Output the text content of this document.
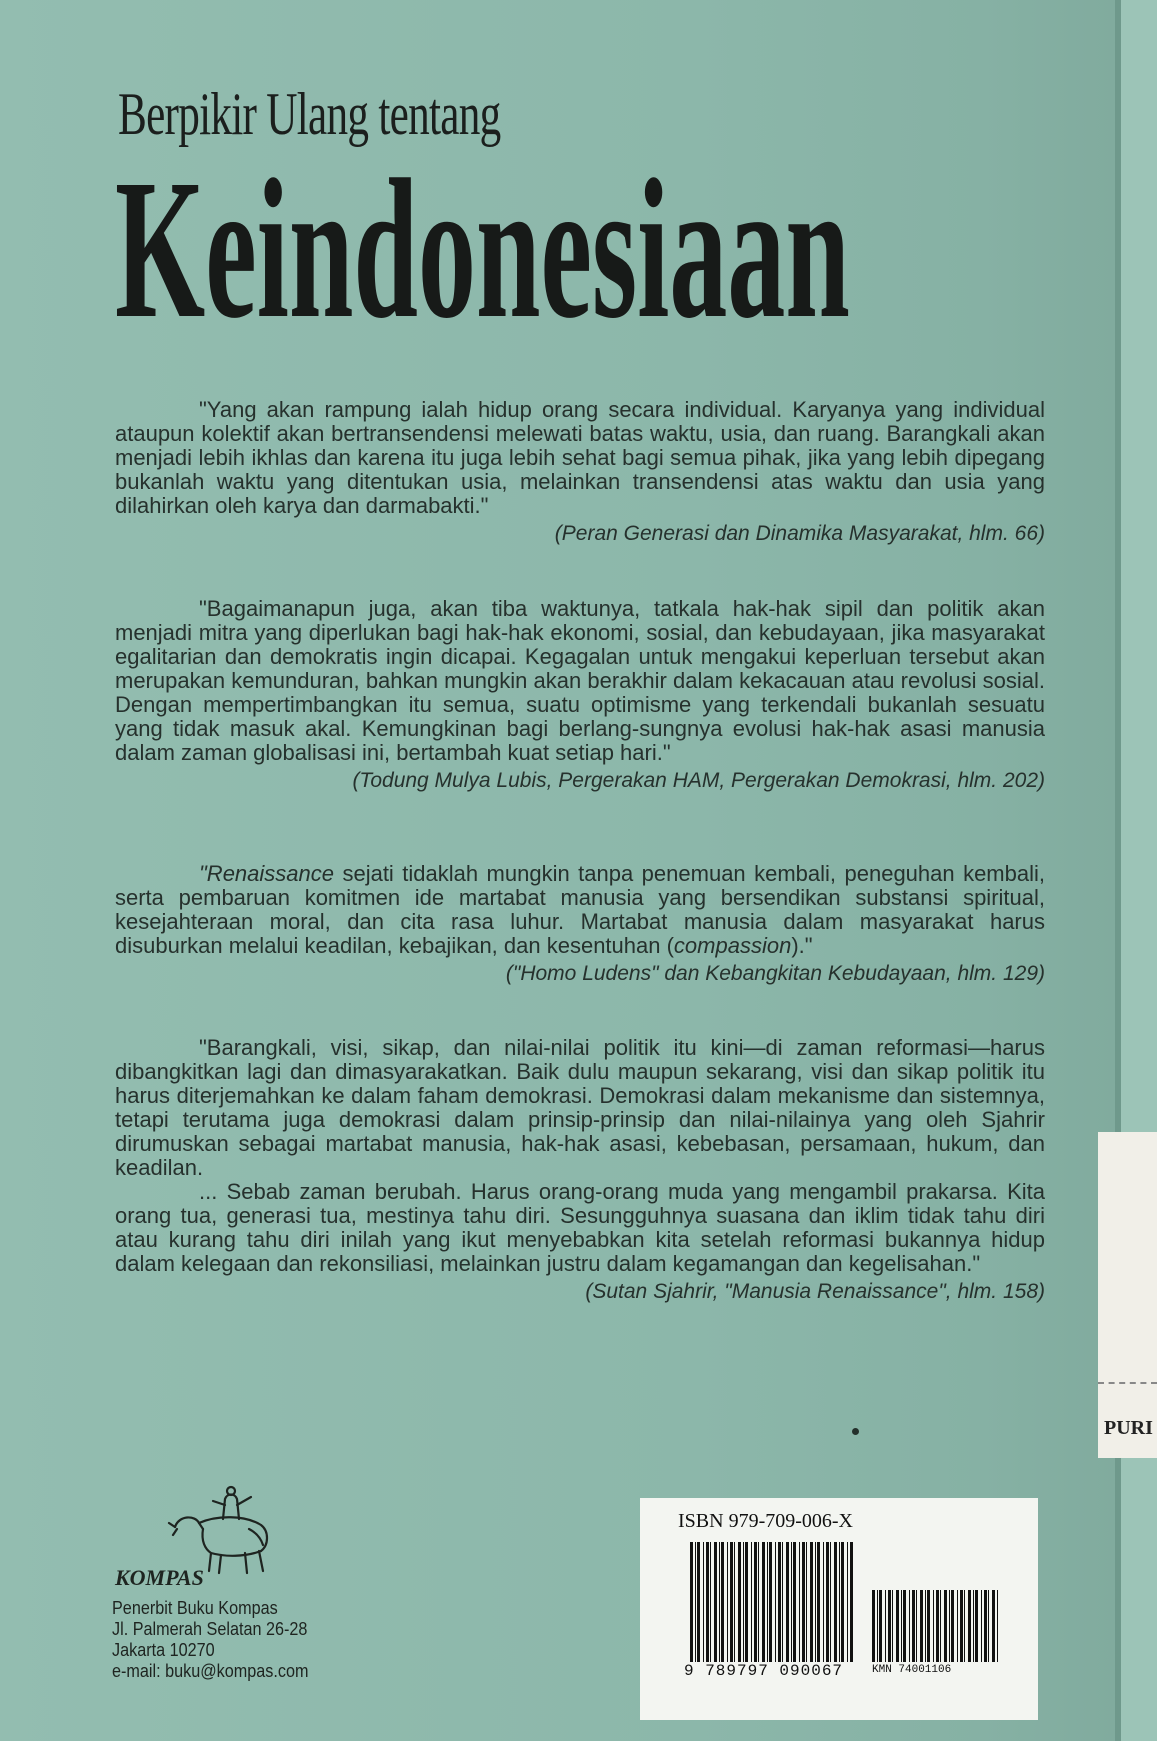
Berpikir Ulang tentang
Keindonesiaan

"Yang akan rampung ialah hidup orang secara individual. Karyanya yang individual ataupun kolektif akan bertransendensi melewati batas waktu, usia, dan ruang. Barangkali akan menjadi lebih ikhlas dan karena itu juga lebih sehat bagi semua pihak, jika yang lebih dipegang bukanlah waktu yang ditentukan usia, melainkan transendensi atas waktu dan usia yang dilahirkan oleh karya dan darmabakti."

(Peran Generasi dan Dinamika Masyarakat, hlm. 66)

"Bagaimanapun juga, akan tiba waktunya, tatkala hak-hak sipil dan politik akan menjadi mitra yang diperlukan bagi hak-hak ekonomi, sosial, dan kebudayaan, jika masyarakat egalitarian dan demokratis ingin dicapai. Kegagalan untuk mengakui keperluan tersebut akan merupakan kemunduran, bahkan mungkin akan berakhir dalam kekacauan atau revolusi sosial. Dengan mempertimbangkan itu semua, suatu optimisme yang terkendali bukanlah sesuatu yang tidak masuk akal. Kemungkinan bagi berlang-sungnya evolusi hak-hak asasi manusia dalam zaman globalisasi ini, bertambah kuat setiap hari."

(Todung Mulya Lubis, Pergerakan HAM, Pergerakan Demokrasi, hlm. 202)

"Renaissance sejati tidaklah mungkin tanpa penemuan kembali, peneguhan kembali, serta pembaruan komitmen ide martabat manusia yang bersendikan substansi spiritual, kesejahteraan moral, dan cita rasa luhur. Martabat manusia dalam masyarakat harus disuburkan melalui keadilan, kebajikan, dan kesentuhan (compassion)."

("Homo Ludens" dan Kebangkitan Kebudayaan, hlm. 129)

"Barangkali, visi, sikap, dan nilai-nilai politik itu kini—di zaman reformasi—harus dibangkitkan lagi dan dimasyarakatkan. Baik dulu maupun sekarang, visi dan sikap politik itu harus diterjemahkan ke dalam faham demokrasi. Demokrasi dalam mekanisme dan sistemnya, tetapi terutama juga demokrasi dalam prinsip-prinsip dan nilai-nilainya yang oleh Sjahrir dirumuskan sebagai martabat manusia, hak-hak asasi, kebebasan, persamaan, hukum, dan keadilan.

... Sebab zaman berubah. Harus orang-orang muda yang mengambil prakarsa. Kita orang tua, generasi tua, mestinya tahu diri. Sesungguhnya suasana dan iklim tidak tahu diri atau kurang tahu diri inilah yang ikut menyebabkan kita setelah reformasi bukannya hidup dalam kelegaan dan rekonsiliasi, melainkan justru dalam kegamangan dan kegelisahan."

(Sutan Sjahrir, "Manusia Renaissance", hlm. 158)
KOMPAS
Penerbit Buku Kompas
Jl. Palmerah Selatan 26-28
Jakarta 10270
e-mail: buku@kompas.com
ISBN 979-709-006-X
9 789797 090067	KMN 74001106
PURI
